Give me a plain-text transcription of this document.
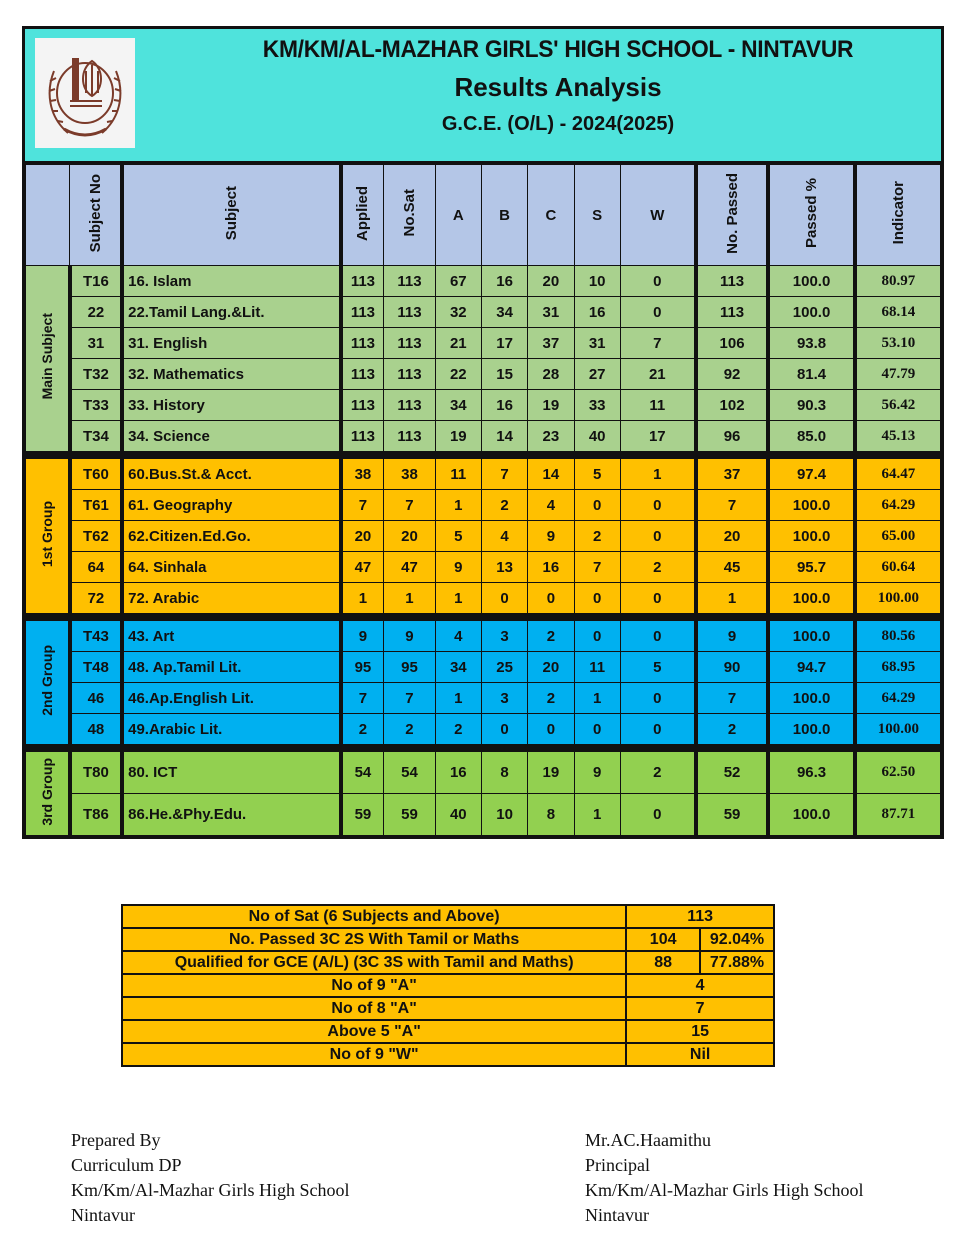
KM/KM/AL-MAZHAR GIRLS' HIGH SCHOOL - NINTAVUR
Results Analysis
G.C.E. (O/L) - 2024(2025)
	Subject No	Subject	Applied	No.Sat	A	B	C	S	W	No. Passed	Passed %	Indicator
Main Subject	T16	16. Islam	113	113	67	16	20	10	0	113	100.0	80.97
	22	22.Tamil Lang.&Lit.	113	113	32	34	31	16	0	113	100.0	68.14
	31	31. English	113	113	21	17	37	31	7	106	93.8	53.10
	T32	32. Mathematics	113	113	22	15	28	27	21	92	81.4	47.79
	T33	33. History	113	113	34	16	19	33	11	102	90.3	56.42
	T34	34. Science	113	113	19	14	23	40	17	96	85.0	45.13

1st Group	T60	60.Bus.St.& Acct.	38	38	11	7	14	5	1	37	97.4	64.47
	T61	61. Geography	7	7	1	2	4	0	0	7	100.0	64.29
	T62	62.Citizen.Ed.Go.	20	20	5	4	9	2	0	20	100.0	65.00
	64	64. Sinhala	47	47	9	13	16	7	2	45	95.7	60.64
	72	72. Arabic	1	1	1	0	0	0	0	1	100.0	100.00

2nd Group	T43	43. Art	9	9	4	3	2	0	0	9	100.0	80.56
	T48	48. Ap.Tamil Lit.	95	95	34	25	20	11	5	90	94.7	68.95
	46	46.Ap.English Lit.	7	7	1	3	2	1	0	7	100.0	64.29
	48	49.Arabic Lit.	2	2	2	0	0	0	0	2	100.0	100.00

3rd Group	T80	80. ICT	54	54	16	8	19	9	2	52	96.3	62.50
	T86	86.He.&Phy.Edu.	59	59	40	10	8	1	0	59	100.0	87.71
No of Sat (6 Subjects and Above)	113	
No. Passed 3C 2S With Tamil or Maths	104	92.04%
Qualified for GCE (A/L) (3C 3S with Tamil and Maths)	88	77.88%
No of 9 "A"	4	
No of 8 "A"	7	
Above 5 "A"	15	
No of 9 "W"	Nil	
Prepared By
Curriculum DP
Km/Km/Al-Mazhar Girls High School
Nintavur
Mr.AC.Haamithu
Principal
Km/Km/Al-Mazhar Girls High School
Nintavur
